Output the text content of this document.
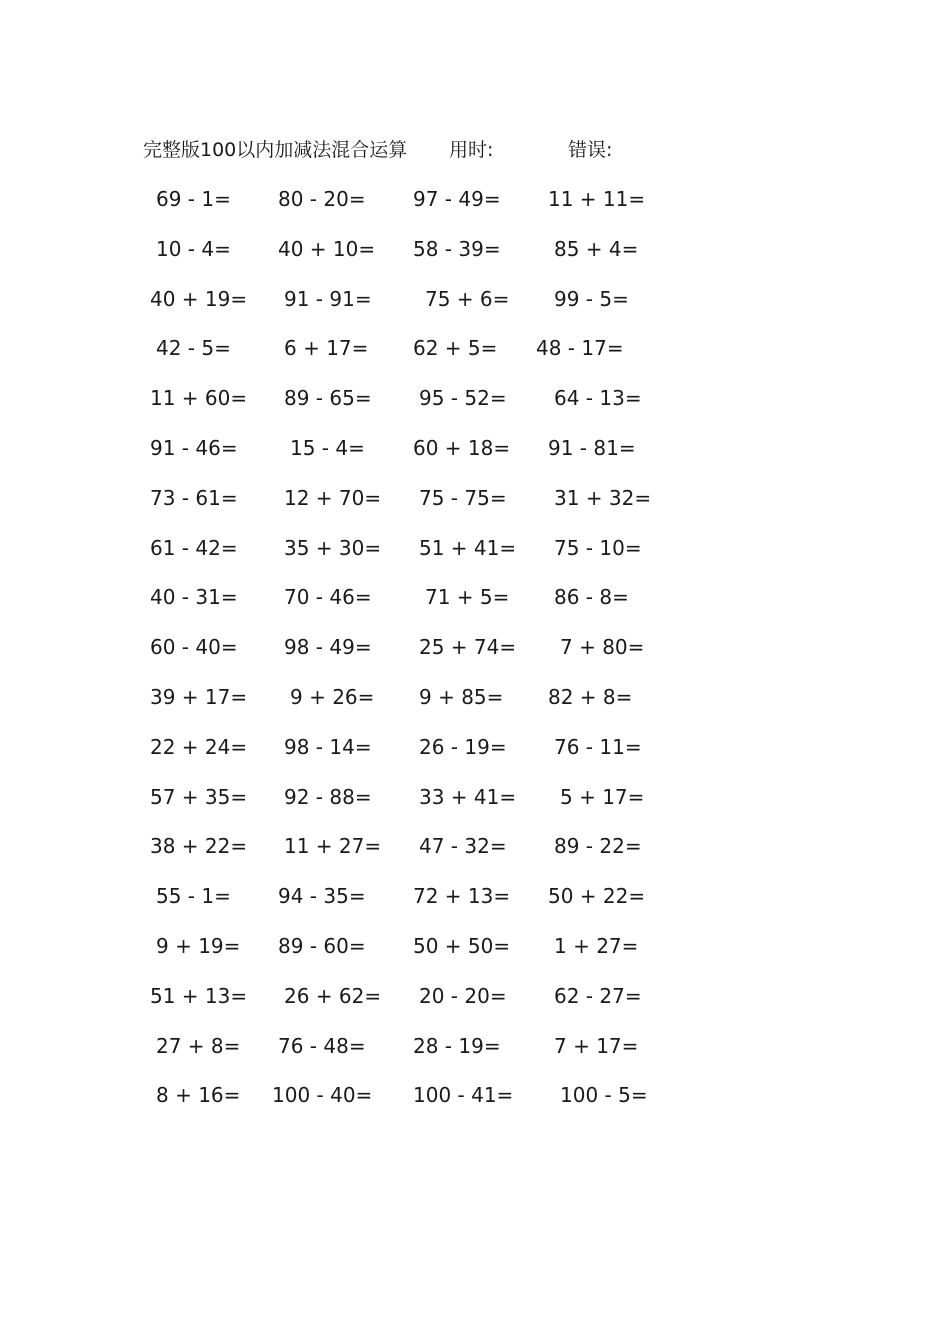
完整版100以内加减法混合运算 用时:	错误:
69 - 1= 80 - 20= 97 - 49= 11 + 11=
10 - 4= 40 + 10= 58 - 39=	85 + 4=
40 + 19= 91 - 91=	75 + 6= 99 - 5=
42 - 5=	6 + 17= 62 + 5= 48 - 17=
11 + 60= 89 - 65= 95 - 52= 64 - 13=
91 - 46=	15 - 4= 60 + 18= 91 - 81=
73 - 61= 12 + 70= 75 - 75= 31 + 32=
61 - 42= 35 + 30= 51 + 41= 75 - 10=
40 - 31= 70 - 46=	71 + 5= 86 - 8=
60 - 40= 98 - 49= 25 + 74= 7 + 80=
39 + 17= 9 + 26= 9 + 85= 82 + 8=
22 + 24= 98 - 14= 26 - 19= 76 - 11=
57 + 35= 92 - 88= 33 + 41= 5 + 17=
38 + 22= 11 + 27= 47 - 32= 89 - 22=
55 - 1= 94 - 35= 72 + 13= 50 + 22=
9 + 19= 89 - 60= 50 + 50= 1 + 27=
51 + 13= 26 + 62= 20 - 20= 62 - 27=
27 + 8= 76 - 48= 28 - 19=	7 + 17=
8 + 16= 100 - 40= 100 - 41= 100 - 5=
